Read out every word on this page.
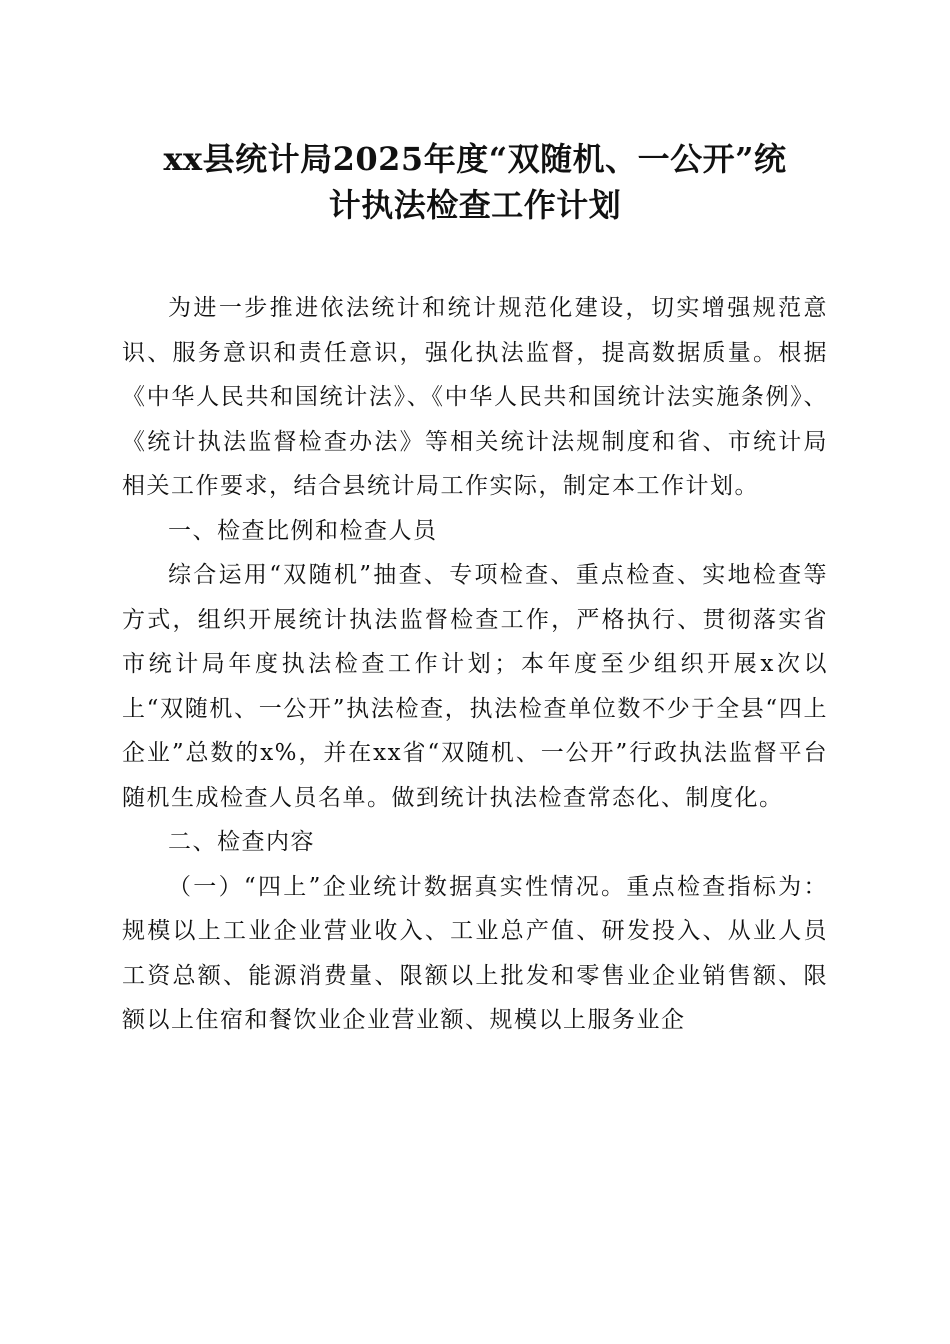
xx县统计局2025年度“双随机、一公开”统
计执法检查工作计划

为进一步推进依法统计和统计规范化建设，切实增强规范意识、服务意识和责任意识，强化执法监督，提高数据质量。根据《中华人民共和国统计法》、《中华人民共和国统计法实施条例》、《统计执法监督检查办法》等相关统计法规制度和省、市统计局相关工作要求，结合县统计局工作实际，制定本工作计划。

一、检查比例和检查人员

综合运用“双随机”抽查、专项检查、重点检查、实地检查等方式，组织开展统计执法监督检查工作，严格执行、贯彻落实省市统计局年度执法检查工作计划；本年度至少组织开展x次以上“双随机、一公开”执法检查，执法检查单位数不少于全县“四上企业”总数的x%，并在xx省“双随机、一公开”行政执法监督平台随机生成检查人员名单。做到统计执法检查常态化、制度化。

二、检查内容

（一）“四上”企业统计数据真实性情况。重点检查指标为：规模以上工业企业营业收入、工业总产值、研发投入、从业人员工资总额、能源消费量、限额以上批发和零售业企业销售额、限额以上住宿和餐饮业企业营业额、规模以上服务业企
